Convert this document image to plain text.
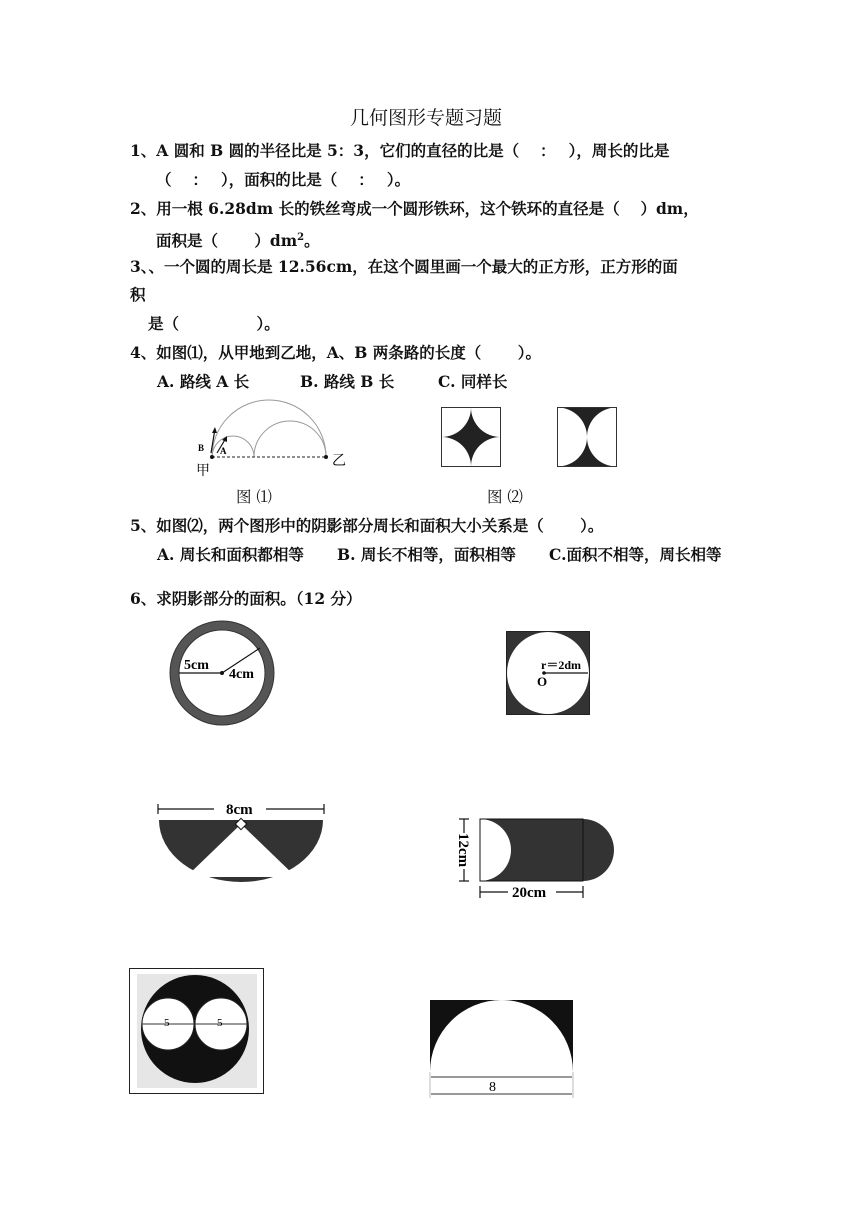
几何图形专题习题
1、A 圆和 B 圆的半径比是 5：3，它们的直径的比是（　 ：　 ），周长的比是
（　 ：　 ），面积的比是（　 ：　 ）。
2、用一根 6.28dm 长的铁丝弯成一个圆形铁环，这个铁环的直径是（　 ）dm，
面积是（　　 ）$dm^2$。
3、、一个圆的周长是 12.56cm，在这个圆里画一个最大的正方形，正方形的面
积
是（　　　　　）。
4、如图⑴，从甲地到乙地，A、B 两条路的长度（　　 ）。
A. 路线 A 长	B. 路线 B 长	C. 同样长
B A
甲
乙
图 ⑴	图 ⑵
5、如图⑵，两个图形中的阴影部分周长和面积大小关系是（　　 ）。
A. 周长和面积都相等 B. 周长不相等，面积相等 C.面积不相等，周长相等
6、求阴影部分的面积。（12 分）
5cm
4cm
r＝2dm
O
8cm
12cm
20cm
5	5
8
